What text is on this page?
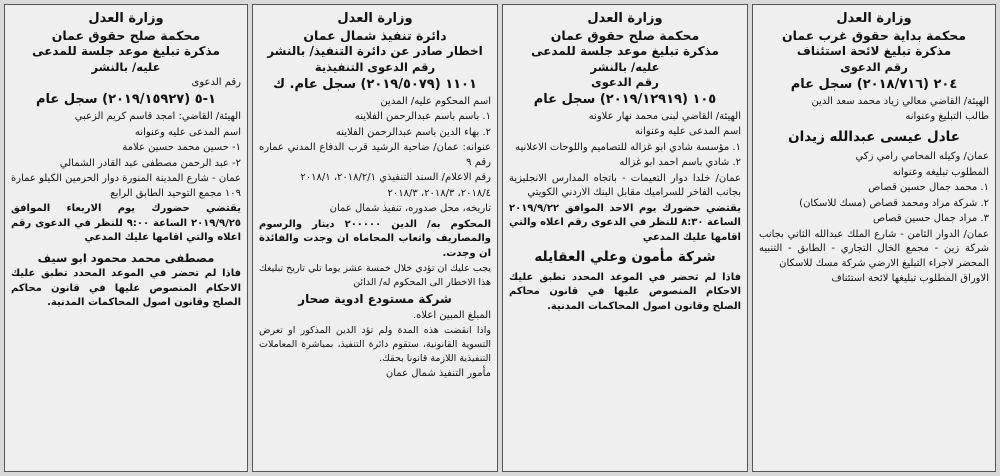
وزارة العدل

محكمة بداية حقوق غرب عمان

مذكرة تبليغ لائحة استئناف

رقم الدعوى

٢٠٤ (٢٠١٨/٧١٦) سجل عام

الهيئة/ القاضي معالي زياد محمد سعد الدين

طالب التبليغ وعنوانه

عادل عيسى عبدالله زيدان

عمان/ وكيله المحامي رامي زكي

المطلوب تبليغه وعنوانه

١. محمد جمال حسين قصاص

٢. شركة مراد ومحمد قصاص (مسك للاسكان)

٣. مراد جمال حسين قصاص

عمان/ الدوار الثامن - شارع الملك عبدالله الثاني بجانب شركة زين - مجمع الخال التجاري - الطابق - التنبيه المحضر لاجراء التبليغ الارضي شركة مسك للاسكان

الاوراق المطلوب تبليغها لائحة استئناف

وزارة العدل

محكمة صلح حقوق عمان

مذكرة تبليغ موعد جلسة للمدعى

عليه/ بالنشر

رقم الدعوى

١٠٥ (٢٠١٩/١٢٩١٩) سجل عام

الهيئة/ القاضي لبنى محمد نهار علاونه

اسم المدعى عليه وعنوانه

١. مؤسسة شادي ابو غزاله للتصاميم واللوحات الاعلانيه

٢. شادي باسم احمد ابو غزاله

عمان/ خلدا دوار التعيمات - باتجاه المدارس الانجليزية بجانب الفاخر للسراميك مقابل البنك الاردني الكويتي

يقتضي حضورك يوم الاحد الموافق ٢٠١٩/٩/٢٢ الساعة ٨:٣٠ للنظر في الدعوى رقم اعلاه والتي اقامها عليك المدعي

شركة مأمون وعلي العقايله

فاذا لم تحضر في الموعد المحدد تطبق عليك الاحكام المنصوص عليها في قانون محاكم الصلح وقانون اصول المحاكمات المدنية.

وزارة العدل

دائرة تنفيذ شمال عمان

اخطار صادر عن دائرة التنفيذ/ بالنشر

رقم الدعوى التنفيذية

١١٠١ (٢٠١٩/٥٠٧٩) سجل عام. ك

اسم المحكوم عليه/ المدين

١. باسم باسم عبدالرحمن الفلاينه

٢. بهاء الدين باسم عبدالرحمن الفلاينه

عنوانه: عمان/ ضاحية الرشيد قرب الدفاع المدني عماره رقم ٩

رقم الاعلام/ السند التنفيذي ٢٠١٨/٢/١، ٢٠١٨/١

٢٠١٨/٤، ٢٠١٨/٣، ٢٠١٨/٣

تاريخه، محل صدوره، تنفيذ شمال عمان

المحكوم به/ الدين ٢٠٠٠٠٠ دينار والرسوم والمصاريف واتعاب المحاماه ان وجدت والفائدة ان وجدت.

يجب عليك ان تؤدي خلال خمسة عشر يوما تلي تاريخ تبليغك هذا الاخطار الى المحكوم له/ الدائن

شركة مستودع ادوية صحار

المبلغ المبين اعلاه.

واذا انقضت هذه المدة ولم تؤد الدين المذكور او تعرض التسوية القانونية، ستقوم دائرة التنفيذ، بمباشرة المعاملات التنفيذية اللازمة قانونا بحقك.

مأمور التنفيذ شمال عمان

وزارة العدل

محكمة صلح حقوق عمان

مذكرة تبليغ موعد جلسة للمدعى

عليه/ بالنشر

رقم الدعوى

١-٥ (٢٠١٩/١٥٩٢٧) سجل عام

الهيئة/ القاضي: امجد قاسم كريم الزعبي

اسم المدعى عليه وعنوانه

١- حسين محمد حسين علامة

٢- عبد الرحمن مصطفى عبد القادر الشمالي

عمان - شارع المدينة المنورة دوار الحرمين الكيلو عمارة ١٠٩ مجمع التوحيد الطابق الرابع

يقتضي حضورك يوم الاربعاء الموافق ٢٠١٩/٩/٢٥ الساعة ٩:٠٠ للنظر في الدعوى رقم اعلاه والتي اقامها عليك المدعي

مصطفى محمد محمود ابو سيف

فاذا لم تحضر في الموعد المحدد تطبق عليك الاحكام المنصوص عليها في قانون محاكم الصلح وقانون اصول المحاكمات المدنية.
